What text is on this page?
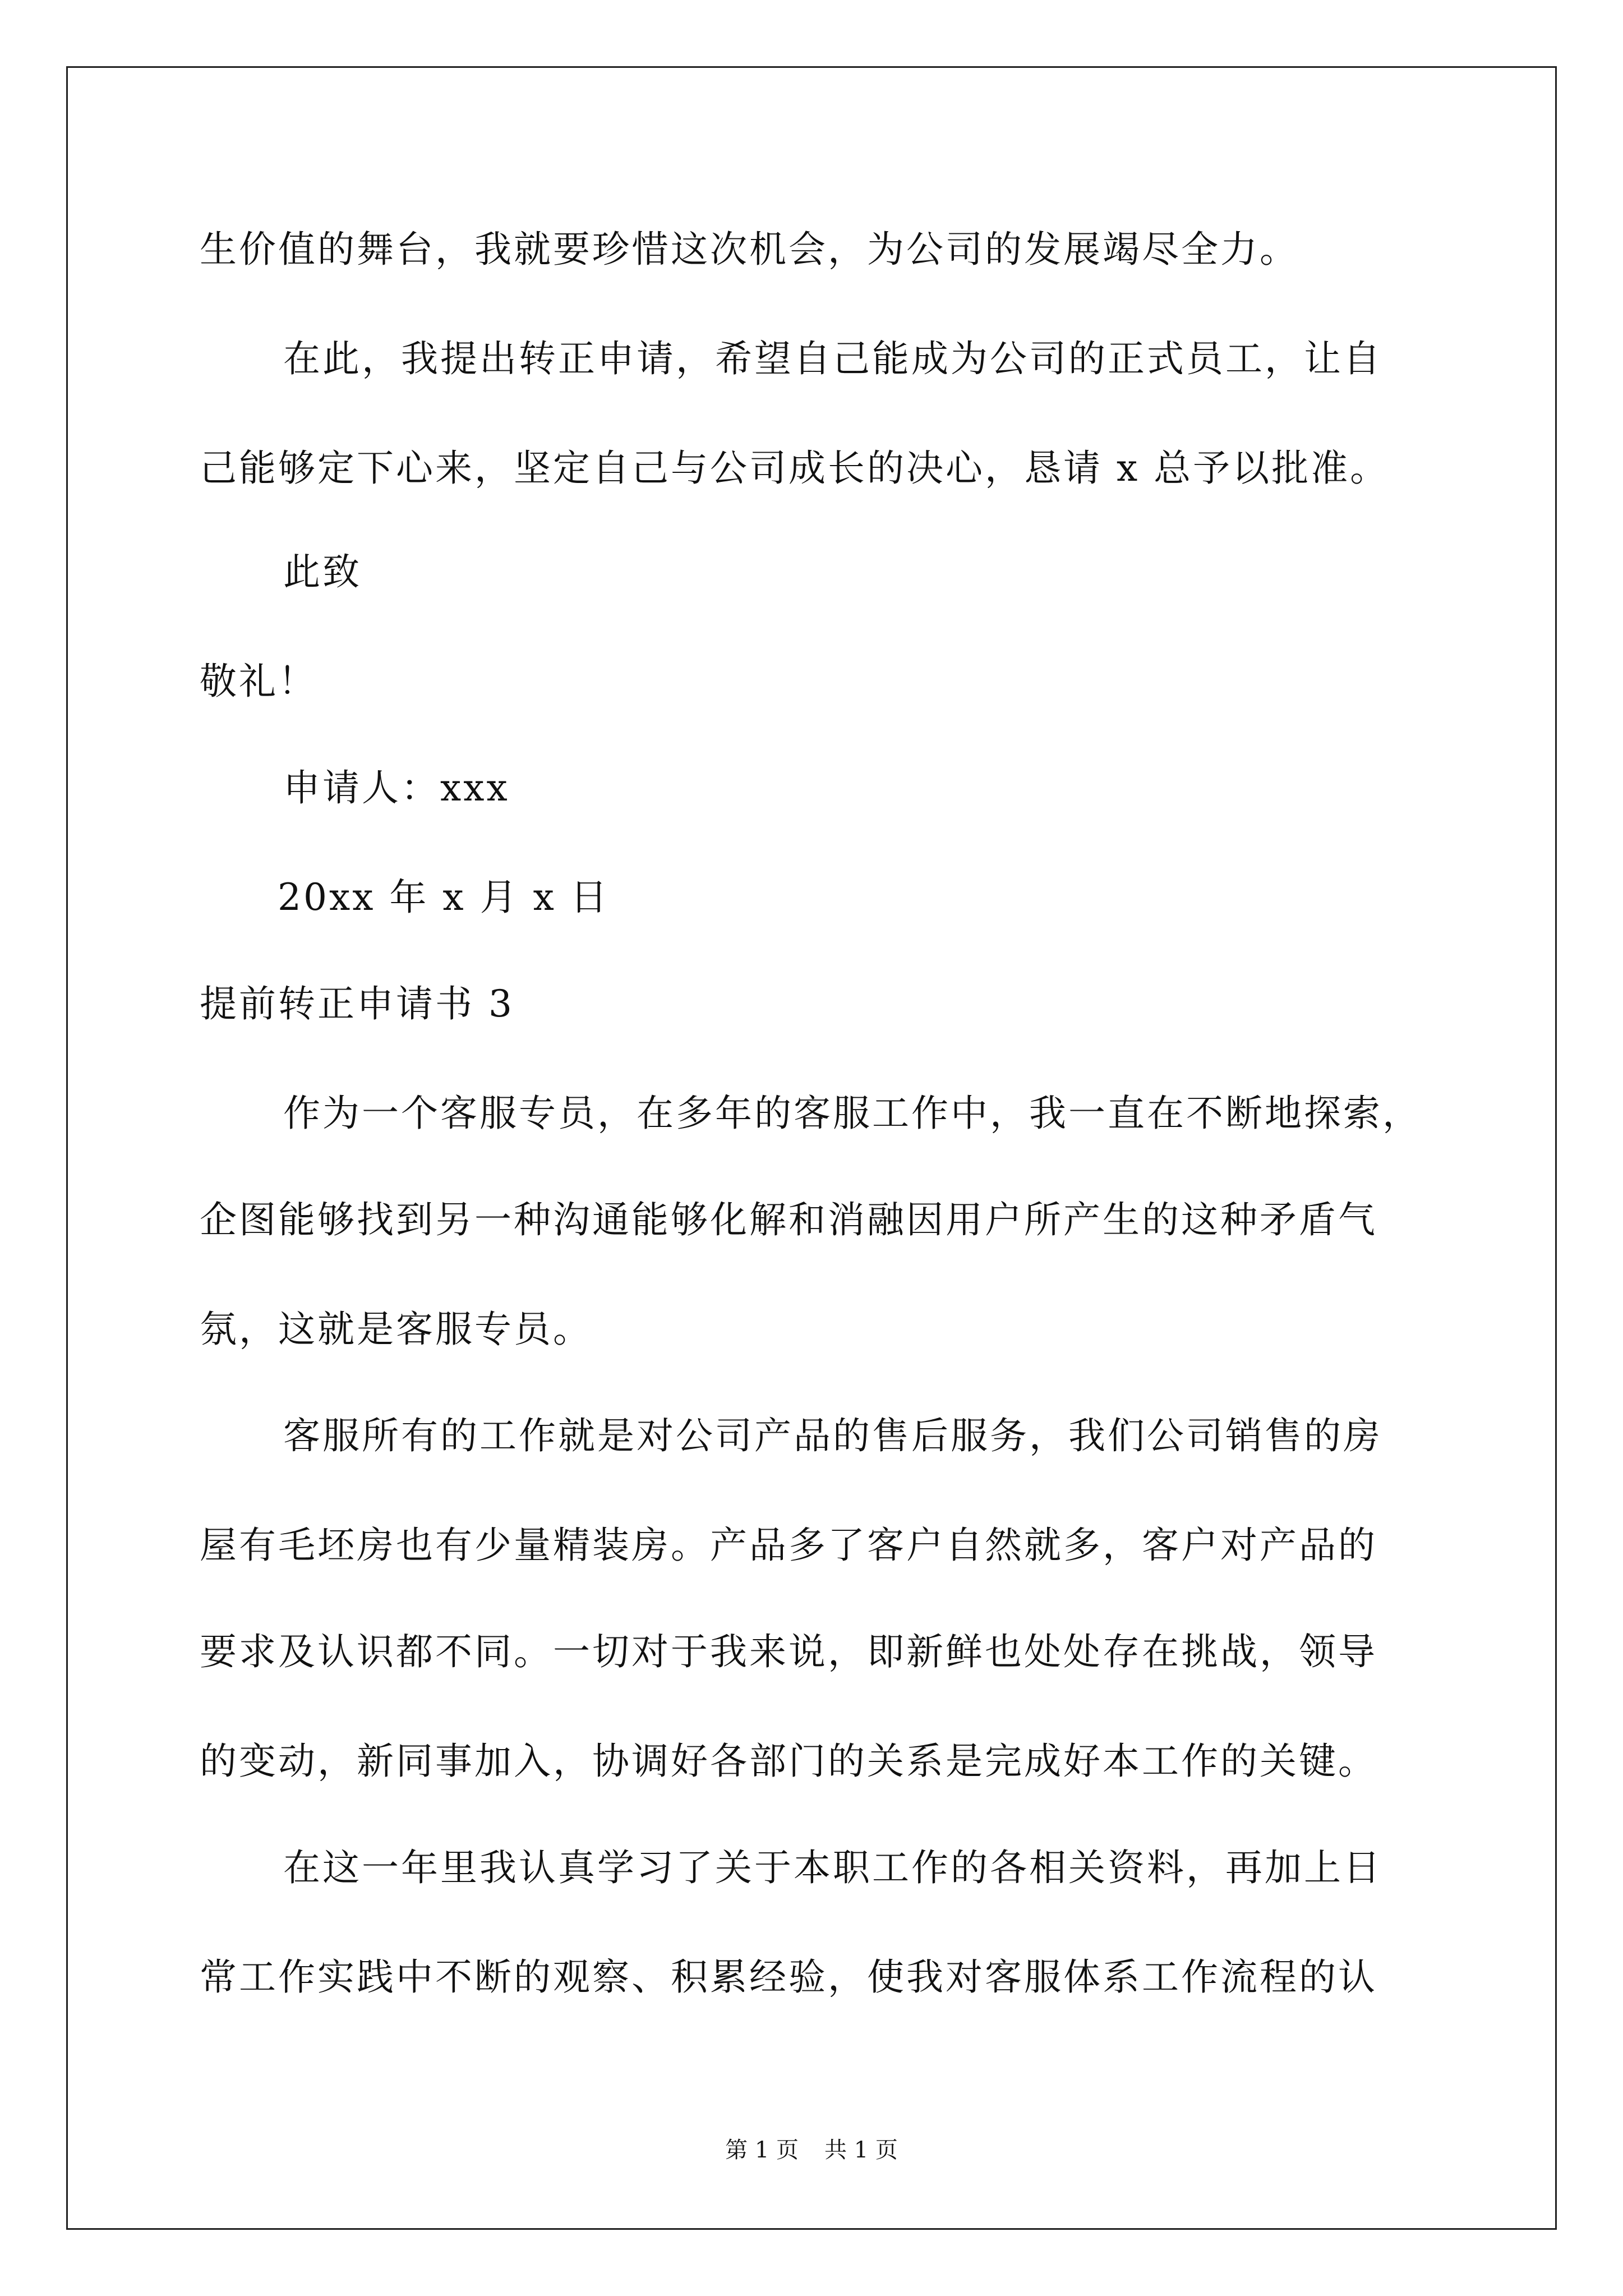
生价值的舞台，我就要珍惜这次机会，为公司的发展竭尽全力。
在此，我提出转正申请，希望自己能成为公司的正式员工，让自
己能够定下心来，坚定自己与公司成长的决心，恳请 x 总予以批准。
此致
敬礼！
申请人：xxx
20xx 年 x 月 x 日
提前转正申请书 3
作为一个客服专员，在多年的客服工作中，我一直在不断地探索，
企图能够找到另一种沟通能够化解和消融因用户所产生的这种矛盾气
氛，这就是客服专员。
客服所有的工作就是对公司产品的售后服务，我们公司销售的房
屋有毛坯房也有少量精装房。产品多了客户自然就多，客户对产品的
要求及认识都不同。一切对于我来说，即新鲜也处处存在挑战，领导
的变动，新同事加入，协调好各部门的关系是完成好本工作的关键。
在这一年里我认真学习了关于本职工作的各相关资料，再加上日
常工作实践中不断的观察、积累经验，使我对客服体系工作流程的认
第 1 页 共 1 页
